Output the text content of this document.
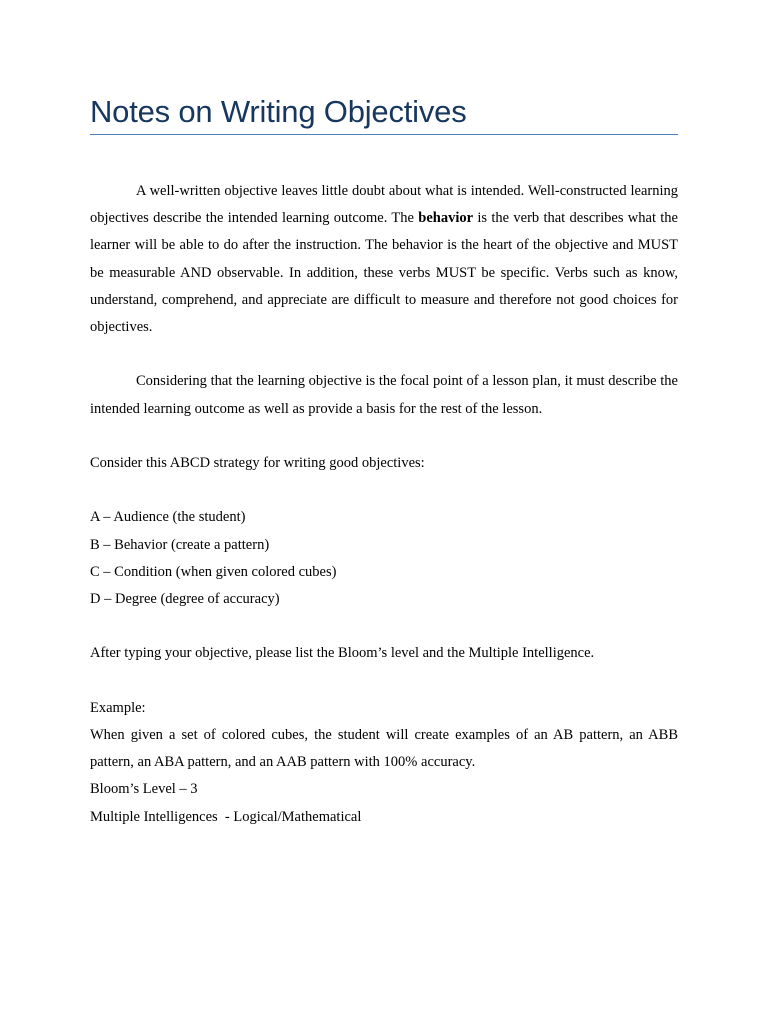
Notes on Writing Objectives

A well-written objective leaves little doubt about what is intended. Well-constructed learning objectives describe the intended learning outcome. The behavior is the verb that describes what the learner will be able to do after the instruction. The behavior is the heart of the objective and MUST be measurable AND observable. In addition, these verbs MUST be specific. Verbs such as know, understand, comprehend, and appreciate are difficult to measure and therefore not good choices for objectives.

Considering that the learning objective is the focal point of a lesson plan, it must describe the intended learning outcome as well as provide a basis for the rest of the lesson.

Consider this ABCD strategy for writing good objectives:

A – Audience (the student)

B – Behavior (create a pattern)

C – Condition (when given colored cubes)

D – Degree (degree of accuracy)

After typing your objective, please list the Bloom’s level and the Multiple Intelligence.

Example:

When given a set of colored cubes, the student will create examples of an AB pattern, an ABB pattern, an ABA pattern, and an AAB pattern with 100% accuracy.

Bloom’s Level – 3

Multiple Intelligences  - Logical/Mathematical
